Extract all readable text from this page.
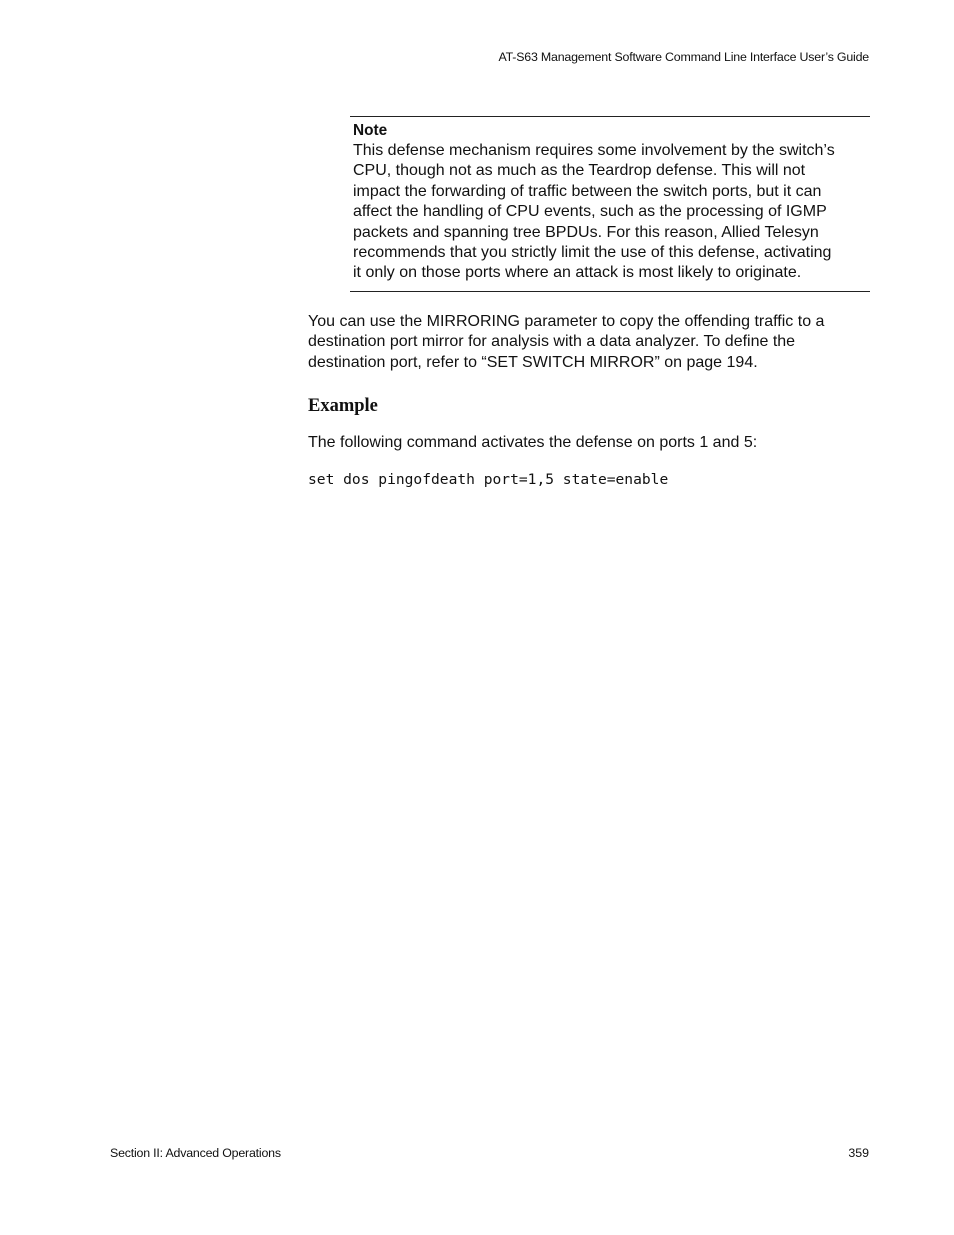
AT-S63 Management Software Command Line Interface User’s Guide
Note
This defense mechanism requires some involvement by the switch’s
CPU, though not as much as the Teardrop defense. This will not
impact the forwarding of traffic between the switch ports, but it can
affect the handling of CPU events, such as the processing of IGMP
packets and spanning tree BPDUs. For this reason, Allied Telesyn
recommends that you strictly limit the use of this defense, activating
it only on those ports where an attack is most likely to originate.
You can use the MIRRORING parameter to copy the offending traffic to a
destination port mirror for analysis with a data analyzer. To define the
destination port, refer to “SET SWITCH MIRROR” on page 194.
Example
The following command activates the defense on ports 1 and 5:
set dos pingofdeath port=1,5 state=enable
Section II: Advanced Operations	359
